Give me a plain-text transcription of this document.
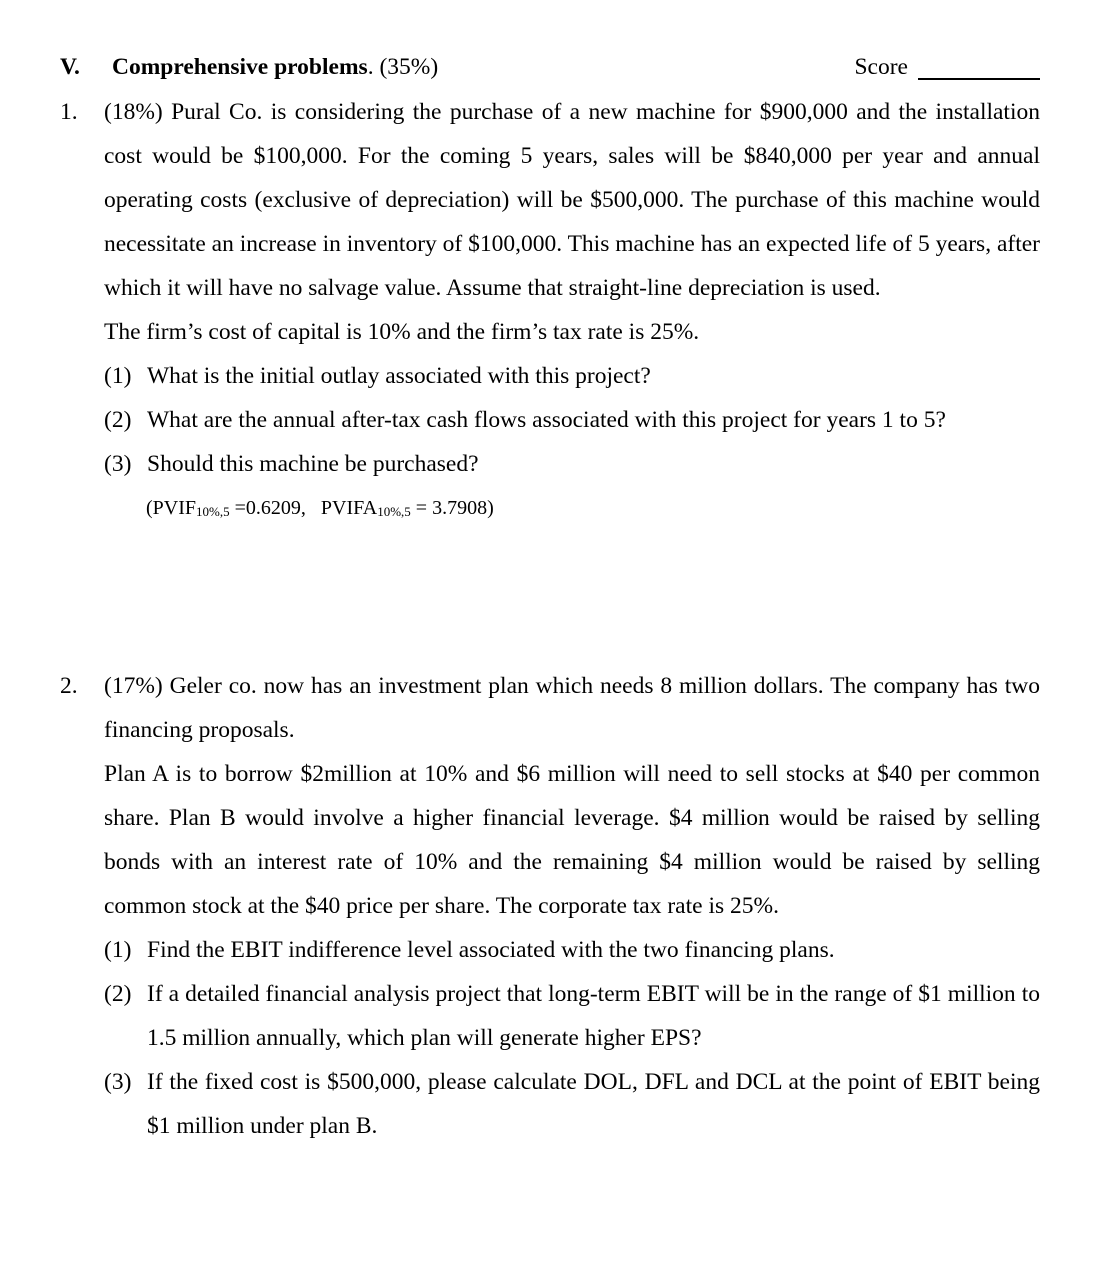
V. Comprehensive problems. (35%)	Score
1. (18%) Pural Co. is considering the purchase of a new machine for $900,000 and the installation cost would be $100,000. For the coming 5 years, sales will be $840,000 per year and annual operating costs (exclusive of depreciation) will be $500,000. The purchase of this machine would necessitate an increase in inventory of $100,000. This machine has an expected life of 5 years, after which it will have no salvage value. Assume that straight-line depreciation is used.

The firm’s cost of capital is 10% and the firm’s tax rate is 25%.

(1) What is the initial outlay associated with this project?

(2) What are the annual after-tax cash flows associated with this project for years 1 to 5?

(3) Should this machine be purchased?

($PVIF_{10\%,5} =0.6209$, $PVIFA_{10\%,5} = 3.7908$)

2. (17%) Geler co. now has an investment plan which needs 8 million dollars. The company has two financing proposals.

Plan A is to borrow $2million at 10% and $6 million will need to sell stocks at $40 per common share. Plan B would involve a higher financial leverage. $4 million would be raised by selling bonds with an interest rate of 10% and the remaining $4 million would be raised by selling common stock at the $40 price per share. The corporate tax rate is 25%.

(1) Find the EBIT indifference level associated with the two financing plans.

(2) If a detailed financial analysis project that long-term EBIT will be in the range of $1 million to 1.5 million annually, which plan will generate higher EPS?

(3) If the fixed cost is $500,000, please calculate DOL, DFL and DCL at the point of EBIT being $1 million under plan B.
